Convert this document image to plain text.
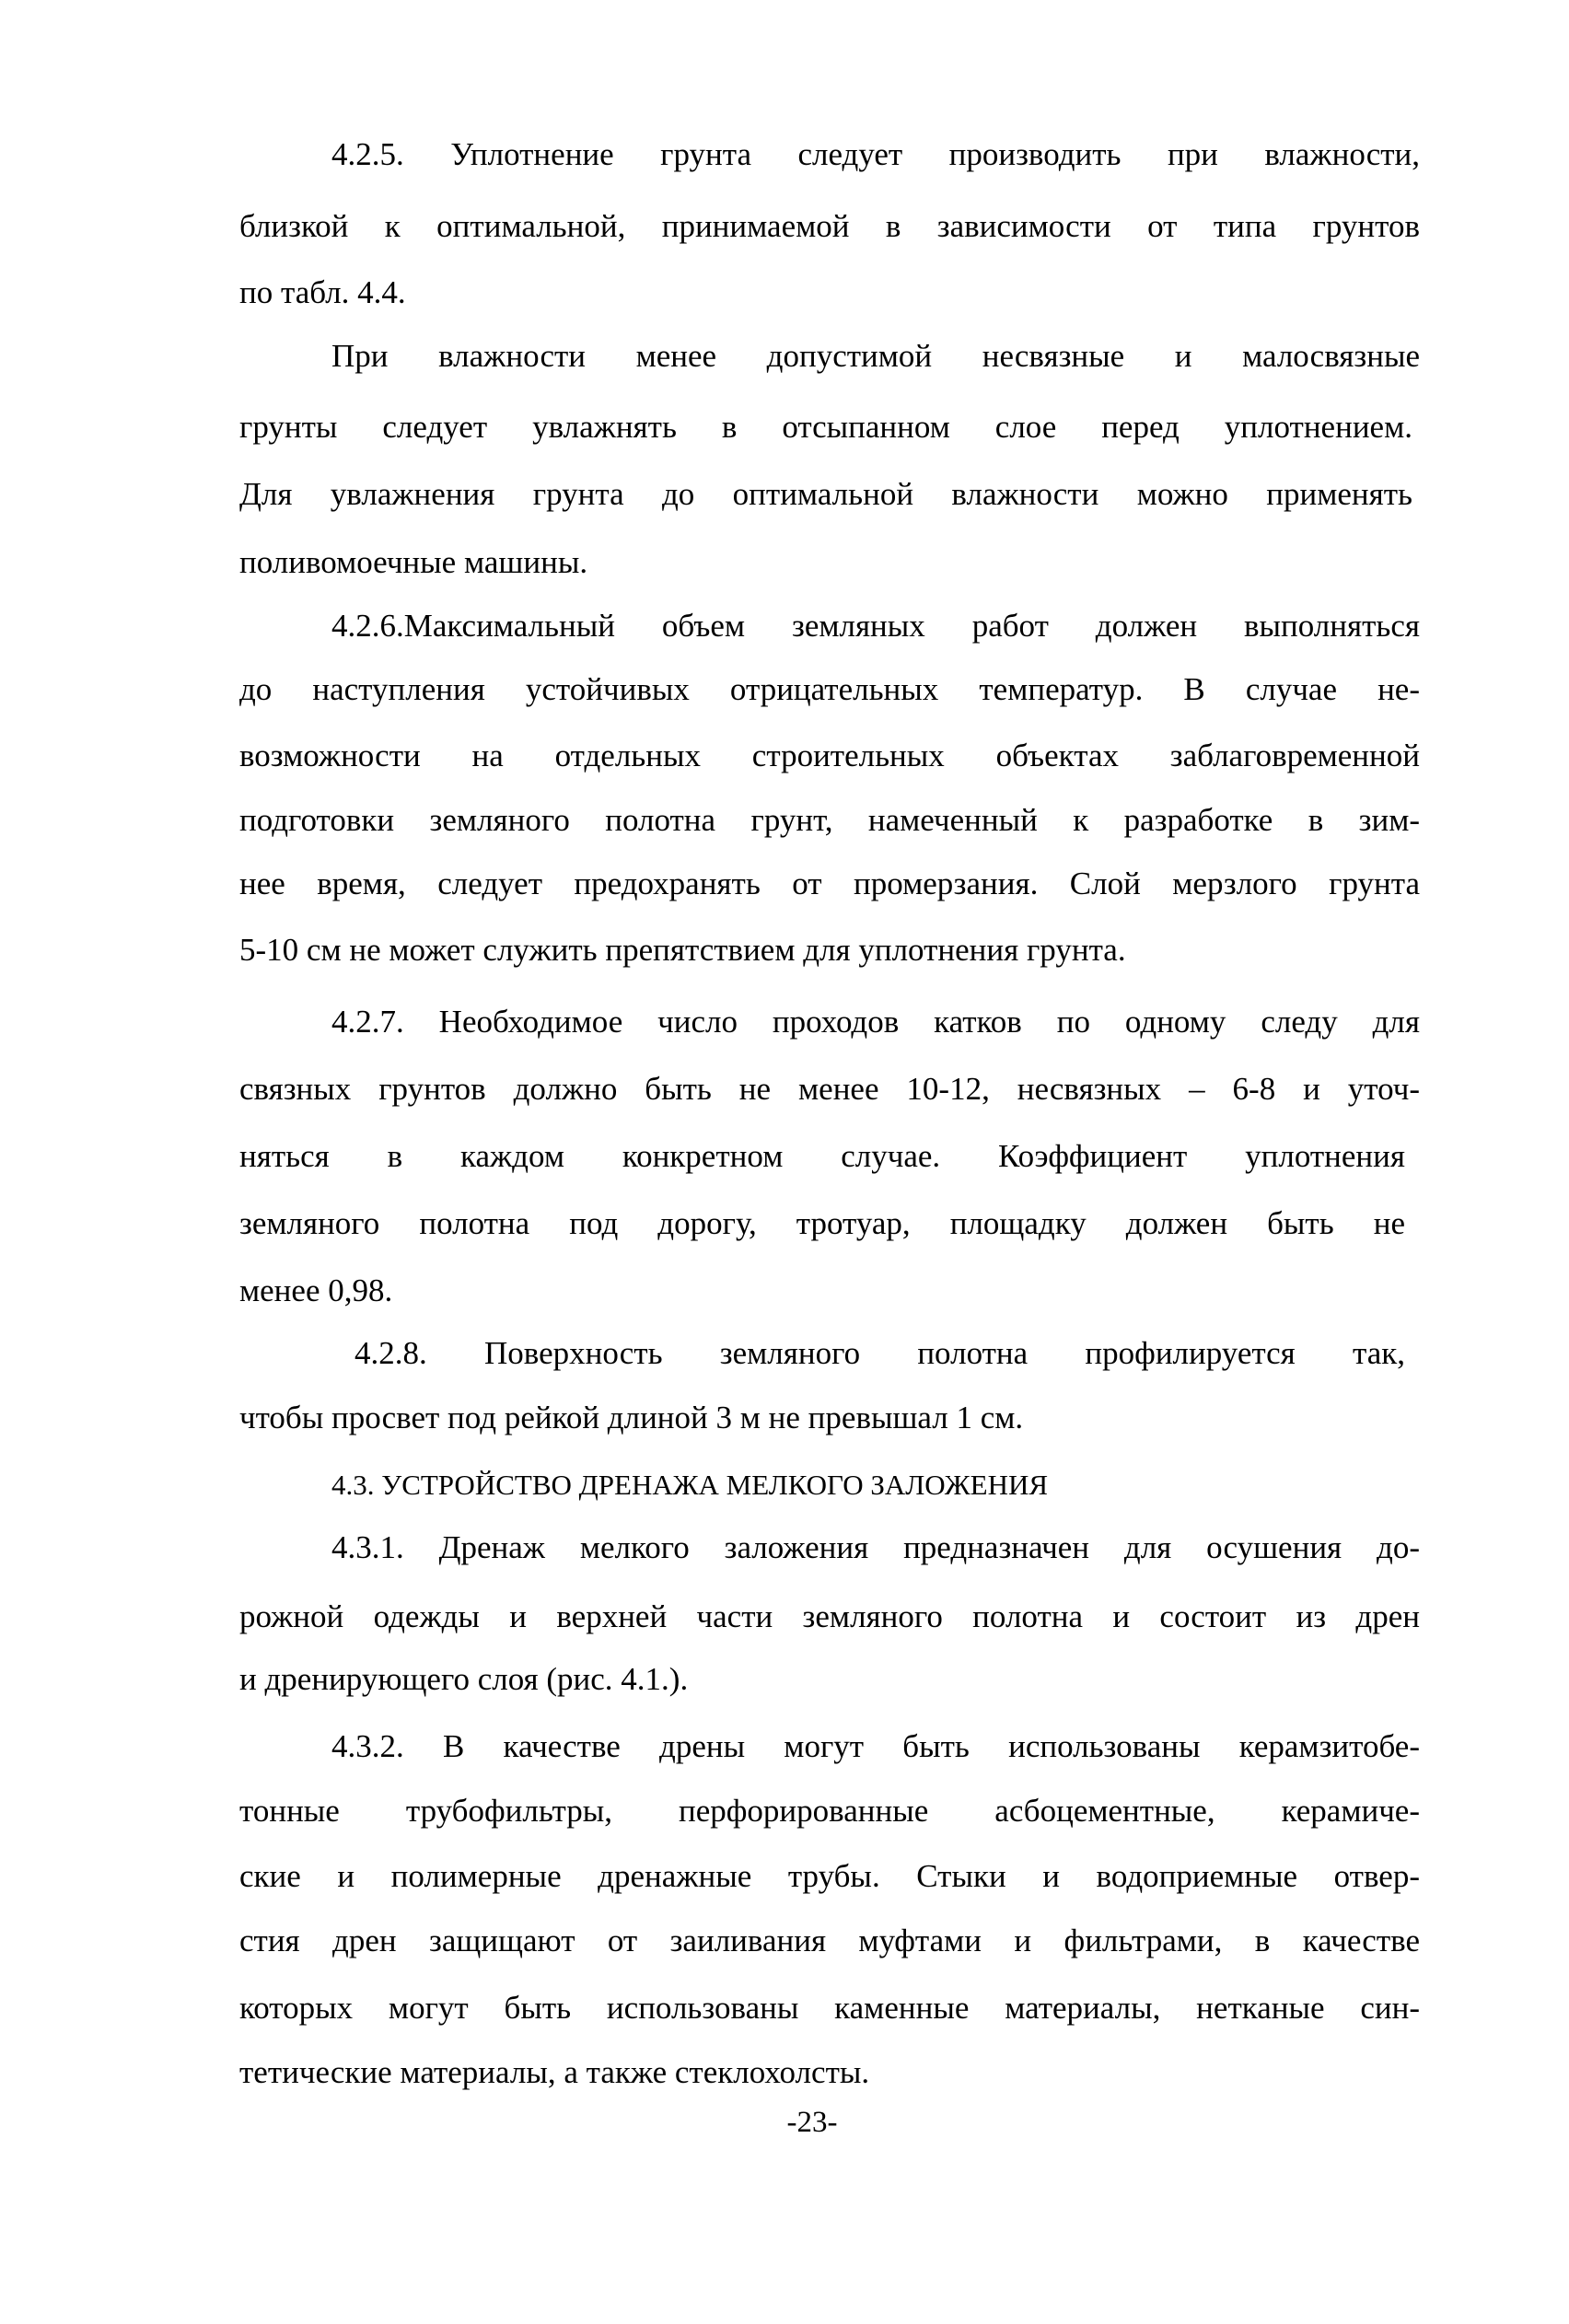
4.2.5. Уплотнение грунта следует производить при влажности,
близкой к оптимальной, принимаемой в зависимости от типа грунтов
по табл. 4.4.
При влажности менее допустимой несвязные и малосвязные
грунты следует увлажнять в отсыпанном слое перед уплотнением.
Для увлажнения грунта до оптимальной влажности можно применять
поливомоечные машины.
4.2.6.Максимальный объем земляных работ должен выполняться
до наступления устойчивых отрицательных температур. В случае не-
возможности на отдельных строительных объектах заблаговременной
подготовки земляного полотна грунт, намеченный к разработке в зим-
нее время, следует предохранять от промерзания. Слой мерзлого грунта
5-10 см не может служить препятствием для уплотнения грунта.
4.2.7. Необходимое число проходов катков по одному следу для
связных грунтов должно быть не менее 10-12, несвязных – 6-8 и уточ-
няться в каждом конкретном случае. Коэффициент уплотнения
земляного полотна под дорогу, тротуар, площадку должен быть не
менее 0,98.
4.2.8. Поверхность земляного полотна профилируется так,
чтобы просвет под рейкой длиной 3 м не превышал 1 см.
4.3. УСТРОЙСТВО ДРЕНАЖА МЕЛКОГО ЗАЛОЖЕНИЯ
4.3.1. Дренаж мелкого заложения предназначен для осушения до-
рожной одежды и верхней части земляного полотна и состоит из дрен
и дренирующего слоя (рис. 4.1.).
4.3.2. В качестве дрены могут быть использованы керамзитобе-
тонные трубофильтры, перфорированные асбоцементные, керамиче-
ские и полимерные дренажные трубы. Стыки и водоприемные отвер-
стия дрен защищают от заиливания муфтами и фильтрами, в качестве
которых могут быть использованы каменные материалы, нетканые син-
тетические материалы, а также стеклохолсты.
-23-
